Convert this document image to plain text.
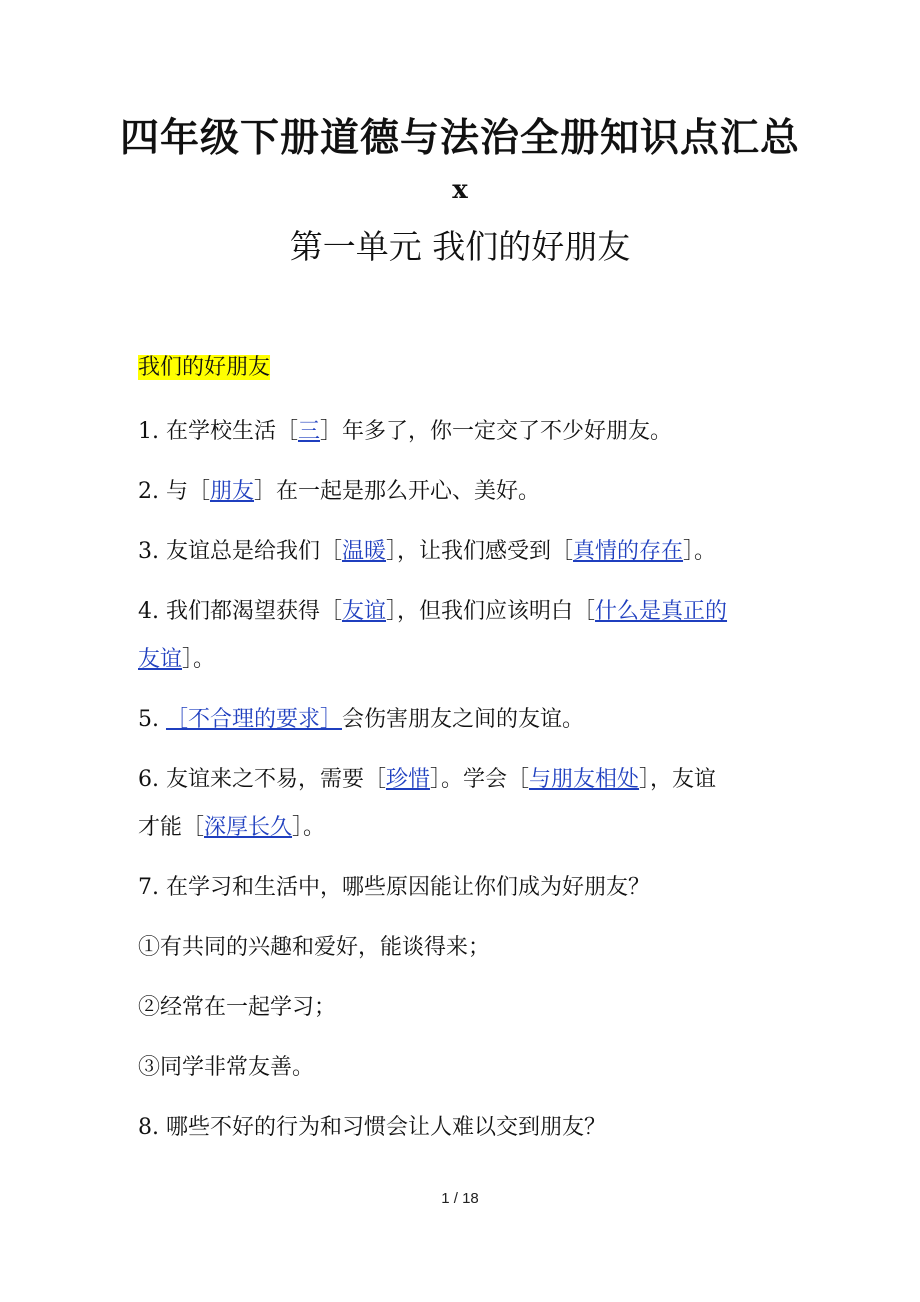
四年级下册道德与法治全册知识点汇总
x
第一单元 我们的好朋友
我们的好朋友

1. 在学校生活［三］年多了，你一定交了不少好朋友。

2. 与［朋友］在一起是那么开心、美好。

3. 友谊总是给我们［温暖］，让我们感受到［真情的存在］。

4. 我们都渴望获得［友谊］，但我们应该明白［什么是真正的

友谊］。

5. ［不合理的要求］会伤害朋友之间的友谊。

6. 友谊来之不易，需要［珍惜］。学会［与朋友相处］，友谊

才能［深厚长久］。

7. 在学习和生活中，哪些原因能让你们成为好朋友？

①有共同的兴趣和爱好，能谈得来；

②经常在一起学习；

③同学非常友善。

8. 哪些不好的行为和习惯会让人难以交到朋友？

1 / 18
